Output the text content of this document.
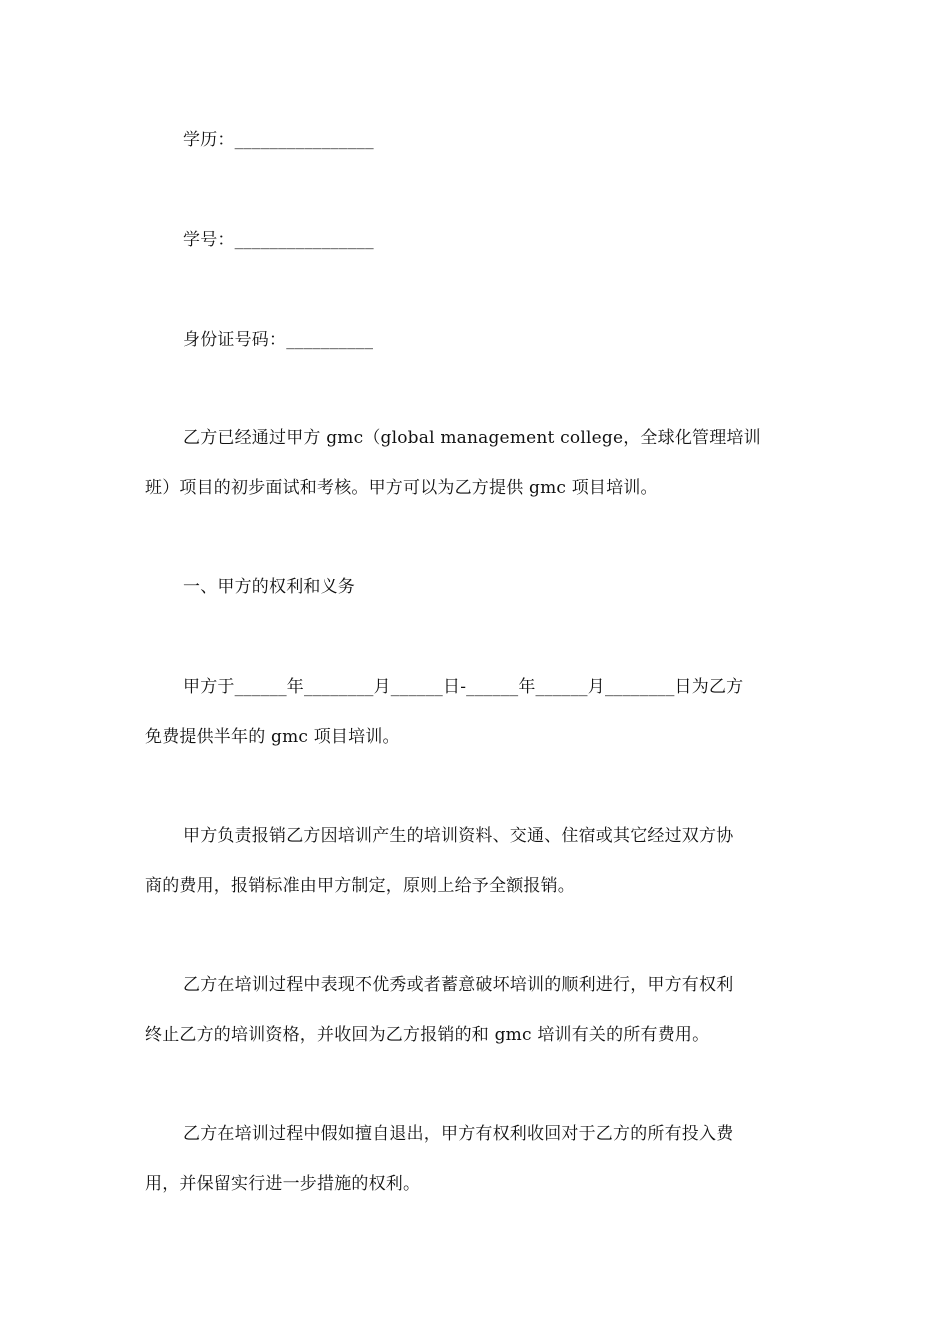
学历：________________
学号：________________
身份证号码：__________
乙方已经通过甲方 gmc（global management college，全球化管理培训
班）项目的初步面试和考核。甲方可以为乙方提供 gmc 项目培训。
一、甲方的权利和义务
甲方于______年________月______日-______年______月________日为乙方
免费提供半年的 gmc 项目培训。
甲方负责报销乙方因培训产生的培训资料、交通、住宿或其它经过双方协
商的费用，报销标准由甲方制定，原则上给予全额报销。
乙方在培训过程中表现不优秀或者蓄意破坏培训的顺利进行，甲方有权利
终止乙方的培训资格，并收回为乙方报销的和 gmc 培训有关的所有费用。
乙方在培训过程中假如擅自退出，甲方有权利收回对于乙方的所有投入费
用，并保留实行进一步措施的权利。
